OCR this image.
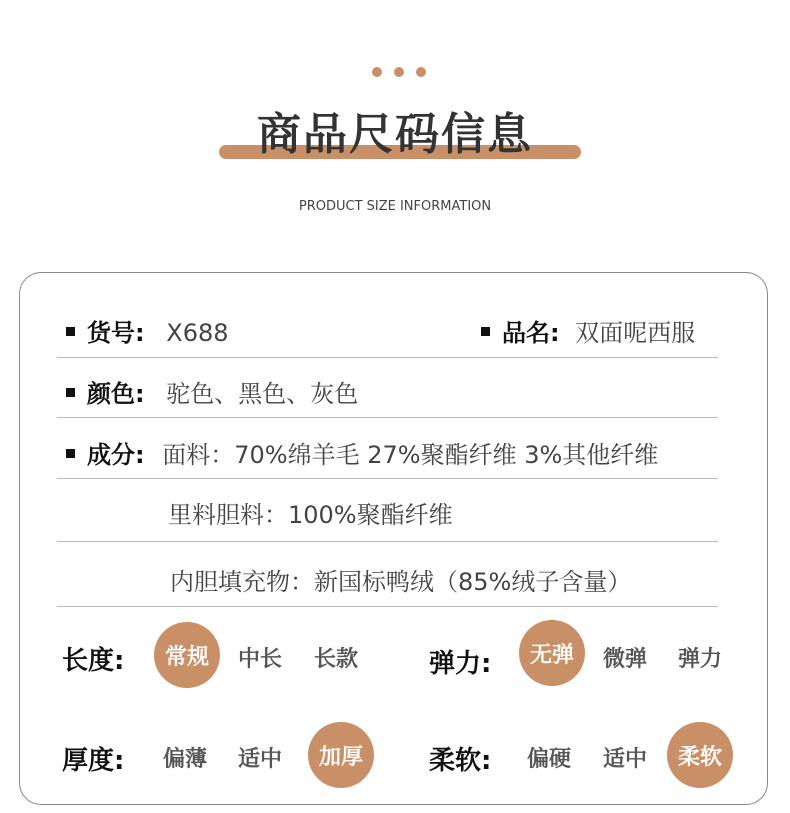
商品尺码信息
PRODUCT SIZE INFORMATION
货号: X688	品名: 双面呢西服
颜色: 驼色、黑色、灰色
成分: 面料：70%绵羊毛 27%聚酯纤维 3%其他纤维
里料胆料：100%聚酯纤维
内胆填充物：新国标鸭绒（85%绒子含量）
长度:	常规	中长	长款	弹力:	无弹	微弹	弹力
厚度:	偏薄	适中	加厚	柔软:	偏硬	适中	柔软
